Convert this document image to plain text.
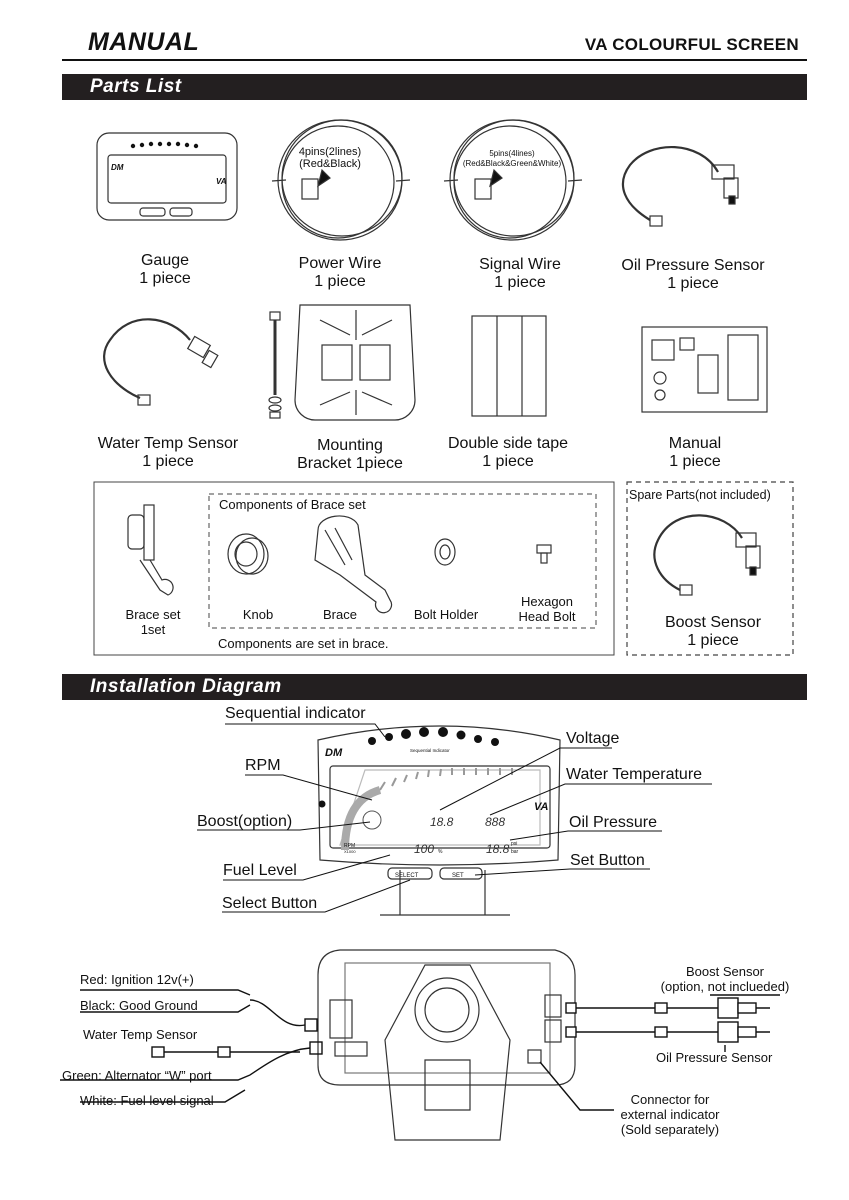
MANUAL	VA COLOURFUL SCREEN
Parts List
DM
VA
4pins(2lines)
(Red&Black)
5pins(4lines)
(Red&Black&Green&White)
Gauge
1 piece
Power Wire
1 piece
Signal Wire
1 piece
Oil Pressure Sensor
1 piece
Water Temp Sensor
1 piece
Mounting
Bracket 1piece
Double side tape
1 piece
Manual
1 piece
Components of Brace set
Brace set
1set
Knob	Brace	Bolt Holder
Hexagon
Head Bolt
Components are set in brace.
Spare Parts(not included)
Boost Sensor
1 piece
Installation Diagram
DM	Sequential Indicator
VA
SELECT	SET
RPM
X1000
18.8	888
100 %	18.8 psi
bar
Sequential indicator
Voltage
RPM
Water Temperature
Boost(option)	Oil Pressure
Fuel Level
Set Button
Select Button
Red: Ignition 12v(+)
Black: Good Ground
Water Temp Sensor
Green: Alternator “W” port
White: Fuel level signal
Boost Sensor
(option, not inclueded)
Oil Pressure Sensor
Connector for
external indicator
(Sold separately)
